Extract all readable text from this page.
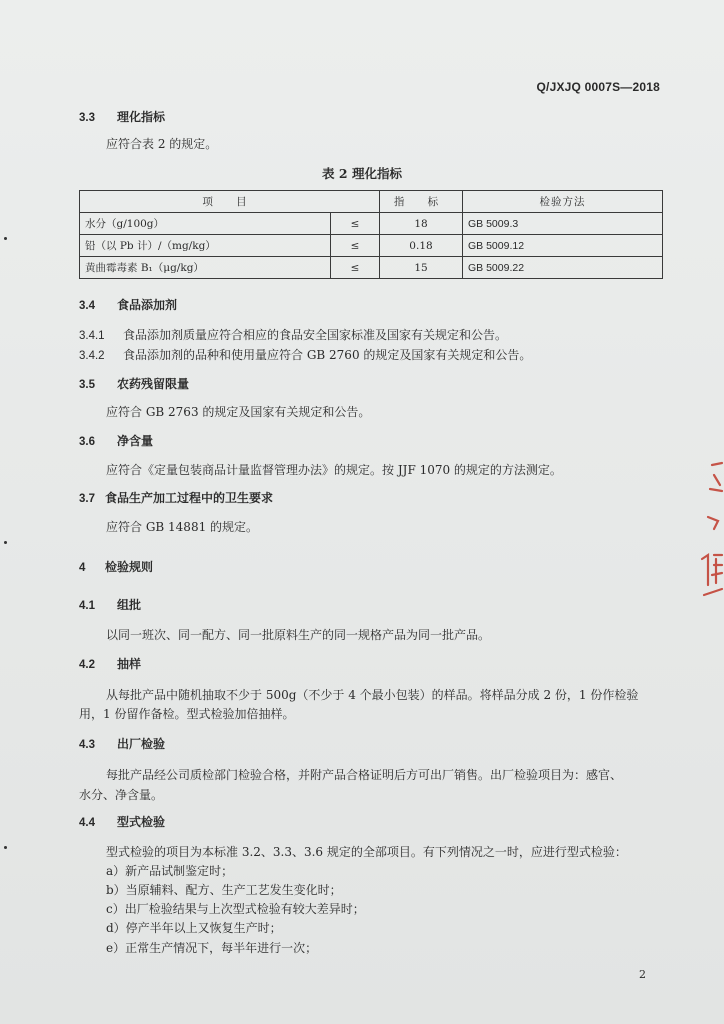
Q/JXJQ 0007S—2018
3.3 理化指标
应符合表 2 的规定。
表 2 理化指标
项 目		指 标	检验方法
水分（g/100g）	≤	18	GB 5009.3
铅（以 Pb 计）/（mg/kg）	≤	0.18	GB 5009.12
黄曲霉毒素 B₁（μg/kg）	≤	15	GB 5009.22
3.4 食品添加剂
3.4.1 食品添加剂质量应符合相应的食品安全国家标准及国家有关规定和公告。
3.4.2 食品添加剂的品种和使用量应符合 GB 2760 的规定及国家有关规定和公告。
3.5 农药残留限量
应符合 GB 2763 的规定及国家有关规定和公告。
3.6 净含量
应符合《定量包装商品计量监督管理办法》的规定。按 JJF 1070 的规定的方法测定。
3.7 食品生产加工过程中的卫生要求
应符合 GB 14881 的规定。
4 检验规则
4.1 组批
以同一班次、同一配方、同一批原料生产的同一规格产品为同一批产品。
4.2 抽样
从每批产品中随机抽取不少于 500g（不少于 4 个最小包装）的样品。将样品分成 2 份，1 份作检验
用，1 份留作备检。型式检验加倍抽样。
4.3 出厂检验
每批产品经公司质检部门检验合格，并附产品合格证明后方可出厂销售。出厂检验项目为：感官、
水分、净含量。
4.4 型式检验
型式检验的项目为本标准 3.2、3.3、3.6 规定的全部项目。有下列情况之一时，应进行型式检验：
a）新产品试制鉴定时；
b）当原辅料、配方、生产工艺发生变化时；
c）出厂检验结果与上次型式检验有较大差异时；
d）停产半年以上又恢复生产时；
e）正常生产情况下，每半年进行一次；
2
